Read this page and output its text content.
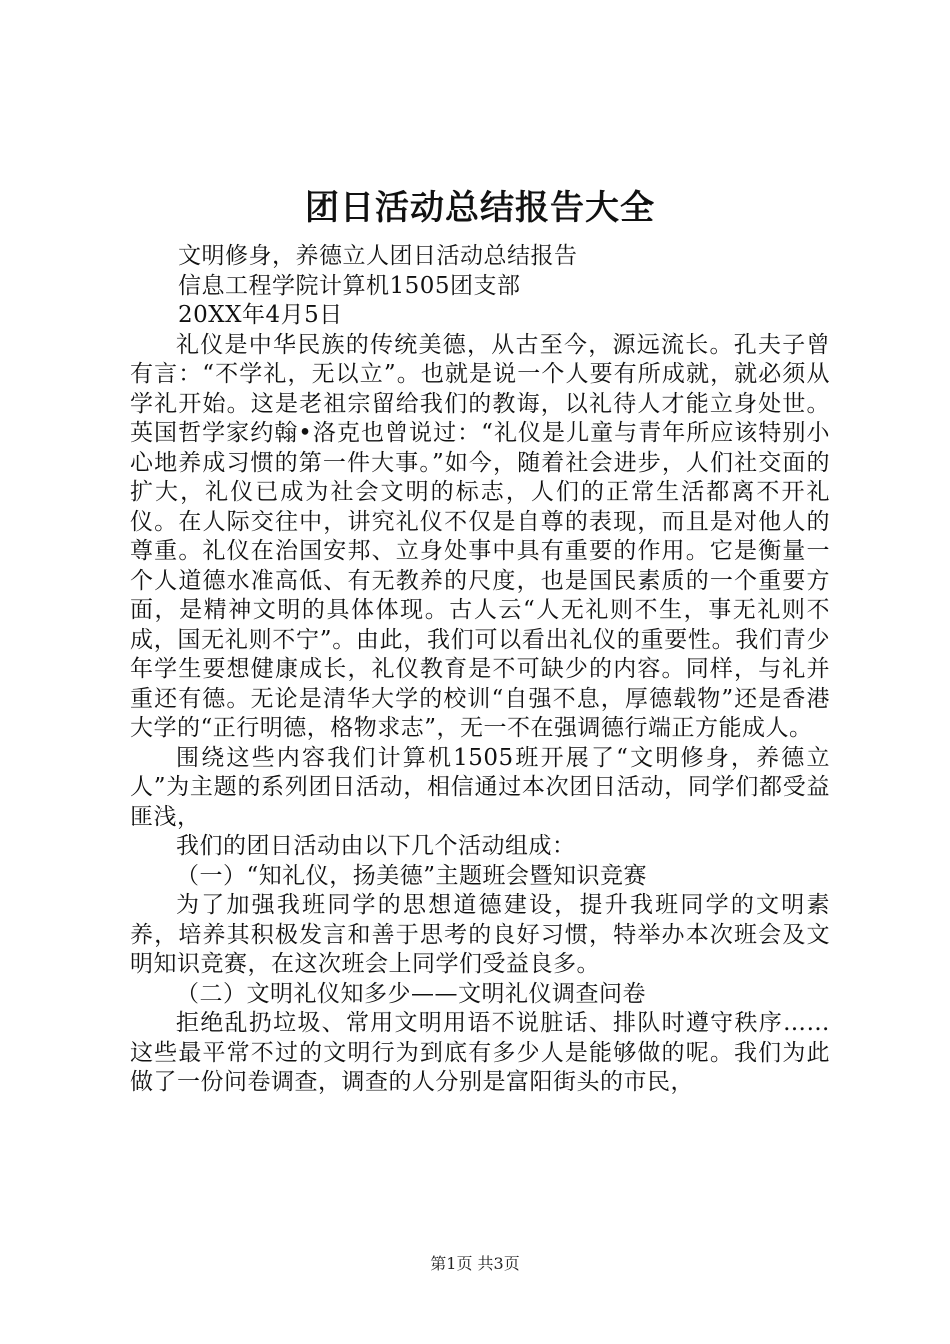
团日活动总结报告大全

文明修身，养德立人团日活动总结报告

信息工程学院计算机1505团支部

20XX年4月5日

礼仪是中华民族的传统美德，从古至今，源远流长。孔夫子曾有言：“不学礼，无以立”。也就是说一个人要有所成就，就必须从学礼开始。这是老祖宗留给我们的教诲，以礼待人才能立身处世。英国哲学家约翰•洛克也曾说过：“礼仪是儿童与青年所应该特别小心地养成习惯的第一件大事。”如今，随着社会进步，人们社交面的扩大，礼仪已成为社会文明的标志，人们的正常生活都离不开礼仪。在人际交往中，讲究礼仪不仅是自尊的表现，而且是对他人的尊重。礼仪在治国安邦、立身处事中具有重要的作用。它是衡量一个人道德水准高低、有无教养的尺度，也是国民素质的一个重要方面，是精神文明的具体体现。古人云“人无礼则不生，事无礼则不成，国无礼则不宁”。由此，我们可以看出礼仪的重要性。我们青少年学生要想健康成长，礼仪教育是不可缺少的内容。同样，与礼并重还有德。无论是清华大学的校训“自强不息，厚德载物”还是香港大学的“正行明德，格物求志”，无一不在强调德行端正方能成人。

围绕这些内容我们计算机1505班开展了“文明修身，养德立人”为主题的系列团日活动，相信通过本次团日活动，同学们都受益匪浅，

我们的团日活动由以下几个活动组成：

（一）“知礼仪，扬美德”主题班会暨知识竞赛

为了加强我班同学的思想道德建设，提升我班同学的文明素养，培养其积极发言和善于思考的良好习惯，特举办本次班会及文明知识竞赛，在这次班会上同学们受益良多。

（二）文明礼仪知多少——文明礼仪调查问卷

拒绝乱扔垃圾、常用文明用语不说脏话、排队时遵守秩序……这些最平常不过的文明行为到底有多少人是能够做的呢。我们为此做了一份问卷调查，调查的人分别是富阳街头的市民，

第1页 共3页
